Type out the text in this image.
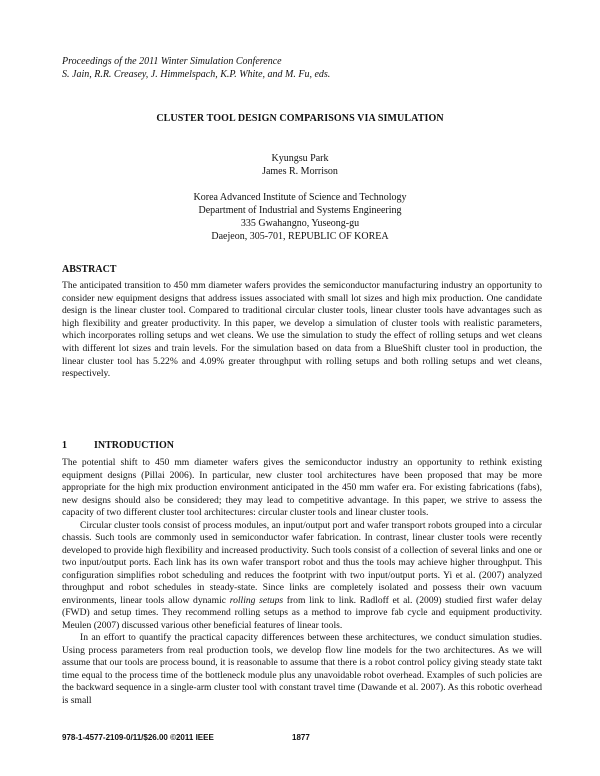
Proceedings of the 2011 Winter Simulation Conference
S. Jain, R.R. Creasey, J. Himmelspach, K.P. White, and M. Fu, eds.
CLUSTER TOOL DESIGN COMPARISONS VIA SIMULATION
Kyungsu Park
James R. Morrison
Korea Advanced Institute of Science and Technology
Department of Industrial and Systems Engineering
335 Gwahangno, Yuseong-gu
Daejeon, 305-701, REPUBLIC OF KOREA
ABSTRACT
The anticipated transition to 450 mm diameter wafers provides the semiconductor manufacturing industry an opportunity to consider new equipment designs that address issues associated with small lot sizes and high mix production. One candidate design is the linear cluster tool. Compared to traditional circular cluster tools, linear cluster tools have advantages such as high flexibility and greater productivity. In this paper, we develop a simulation of cluster tools with realistic parameters, which incorporates rolling setups and wet cleans. We use the simulation to study the effect of rolling setups and wet cleans with different lot sizes and train levels. For the simulation based on data from a BlueShift cluster tool in production, the linear cluster tool has 5.22% and 4.09% greater throughput with rolling setups and both rolling setups and wet cleans, respectively.
1	INTRODUCTION

The potential shift to 450 mm diameter wafers gives the semiconductor industry an opportunity to rethink existing equipment designs (Pillai 2006). In particular, new cluster tool architectures have been proposed that may be more appropriate for the high mix production environment anticipated in the 450 mm wafer era. For existing fabrications (fabs), new designs should also be considered; they may lead to competitive advantage. In this paper, we strive to assess the capacity of two different cluster tool architectures: circular cluster tools and linear cluster tools.

Circular cluster tools consist of process modules, an input/output port and wafer transport robots grouped into a circular chassis. Such tools are commonly used in semiconductor wafer fabrication. In contrast, linear cluster tools were recently developed to provide high flexibility and increased productivity. Such tools consist of a collection of several links and one or two input/output ports. Each link has its own wafer transport robot and thus the tools may achieve higher throughput. This configuration simplifies robot scheduling and reduces the footprint with two input/output ports. Yi et al. (2007) analyzed throughput and robot schedules in steady-state. Since links are completely isolated and possess their own vacuum environments, linear tools allow dynamic rolling setups from link to link. Radloff et al. (2009) studied first wafer delay (FWD) and setup times. They recommend rolling setups as a method to improve fab cycle and equipment productivity. Meulen (2007) discussed various other beneficial features of linear tools.

In an effort to quantify the practical capacity differences between these architectures, we conduct simulation studies. Using process parameters from real production tools, we develop flow line models for the two architectures. As we will assume that our tools are process bound, it is reasonable to assume that there is a robot control policy giving steady state takt time equal to the process time of the bottleneck module plus any unavoidable robot overhead. Examples of such policies are the backward sequence in a single-arm cluster tool with constant travel time (Dawande et al. 2007). As this robotic overhead is small

978-1-4577-2109-0/11/$26.00 ©2011 IEEE	1877
